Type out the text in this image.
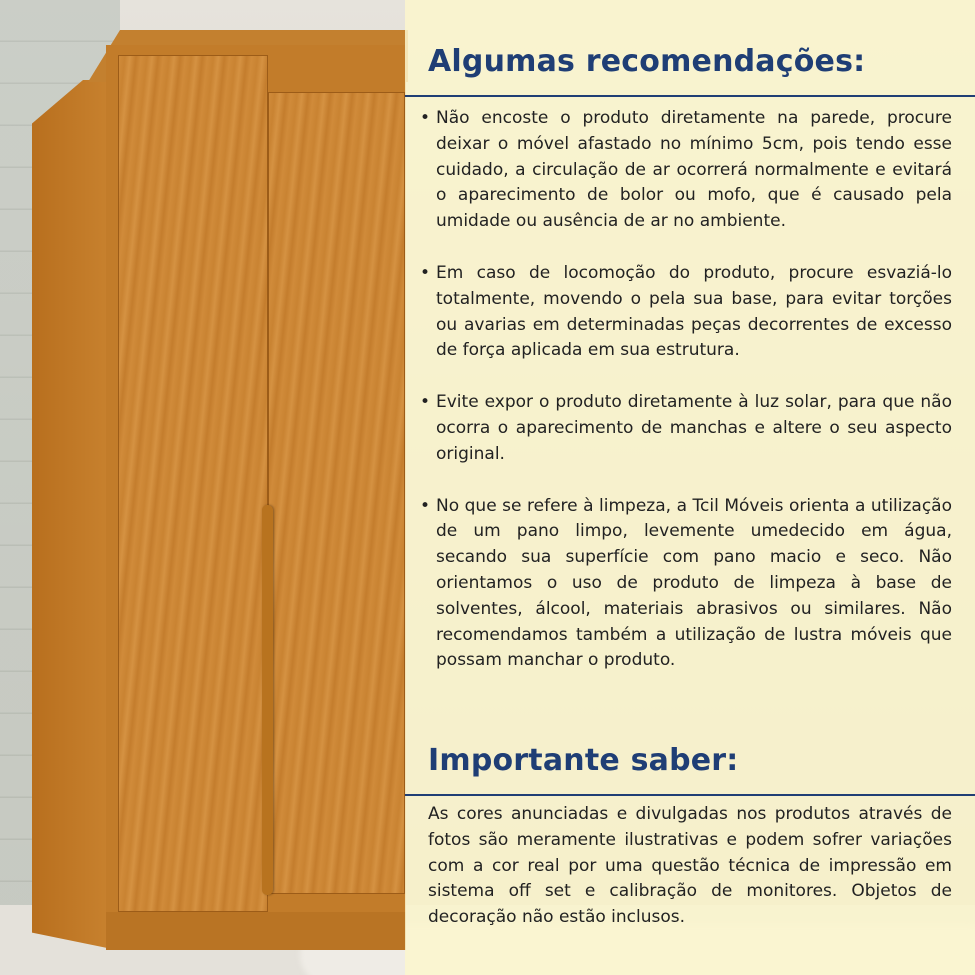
Algumas recomendações:
• Não encoste o produto diretamente na parede, procure deixar o móvel afastado no mínimo 5cm, pois tendo esse cuidado, a circulação de ar ocorrerá normalmente e evitará o aparecimento de bolor ou mofo, que é causado pela umidade ou ausência de ar no ambiente.
• Em caso de locomoção do produto, procure esvaziá-lo totalmente, movendo o pela sua base, para evitar torções ou avarias em determinadas peças decorrentes de excesso de força aplicada em sua estrutura.
• Evite expor o produto diretamente à luz solar, para que não ocorra o aparecimento de manchas e altere o seu aspecto original.
• No que se refere à limpeza, a Tcil Móveis orienta a utilização de um pano limpo, levemente umedecido em água, secando sua superfície com pano macio e seco. Não orientamos o uso de produto de limpeza à base de solventes, álcool, materiais abrasivos ou similares. Não recomendamos também a utilização de lustra móveis que possam manchar o produto.
Importante saber:

As cores anunciadas e divulgadas nos produtos através de fotos são meramente ilustrativas e podem sofrer variações com a cor real por uma questão técnica de impressão em sistema off set e calibração de monitores. Objetos de decoração não estão inclusos.
